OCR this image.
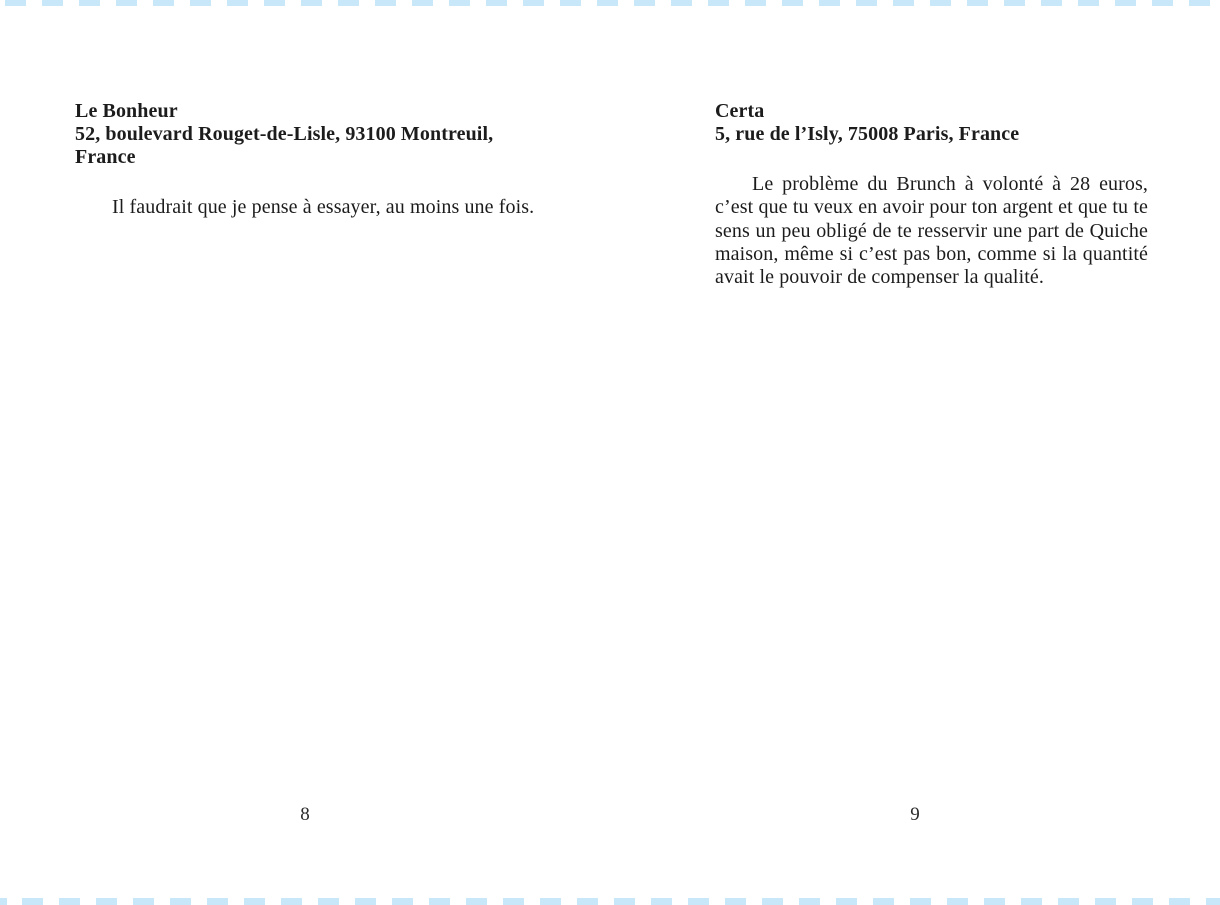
Le Bonheur
52, boulevard Rouget-de-Lisle, 93100 Montreuil, France

Il faudrait que je pense à essayer, au moins une fois.

8
Certa
5, rue de l’Isly, 75008 Paris, France

Le problème du Brunch à volonté à 28 euros, c’est que tu veux en avoir pour ton argent et que tu te sens un peu obligé de te resservir une part de Quiche maison, même si c’est pas bon, comme si la quantité avait le pouvoir de compenser la qualité.

9
